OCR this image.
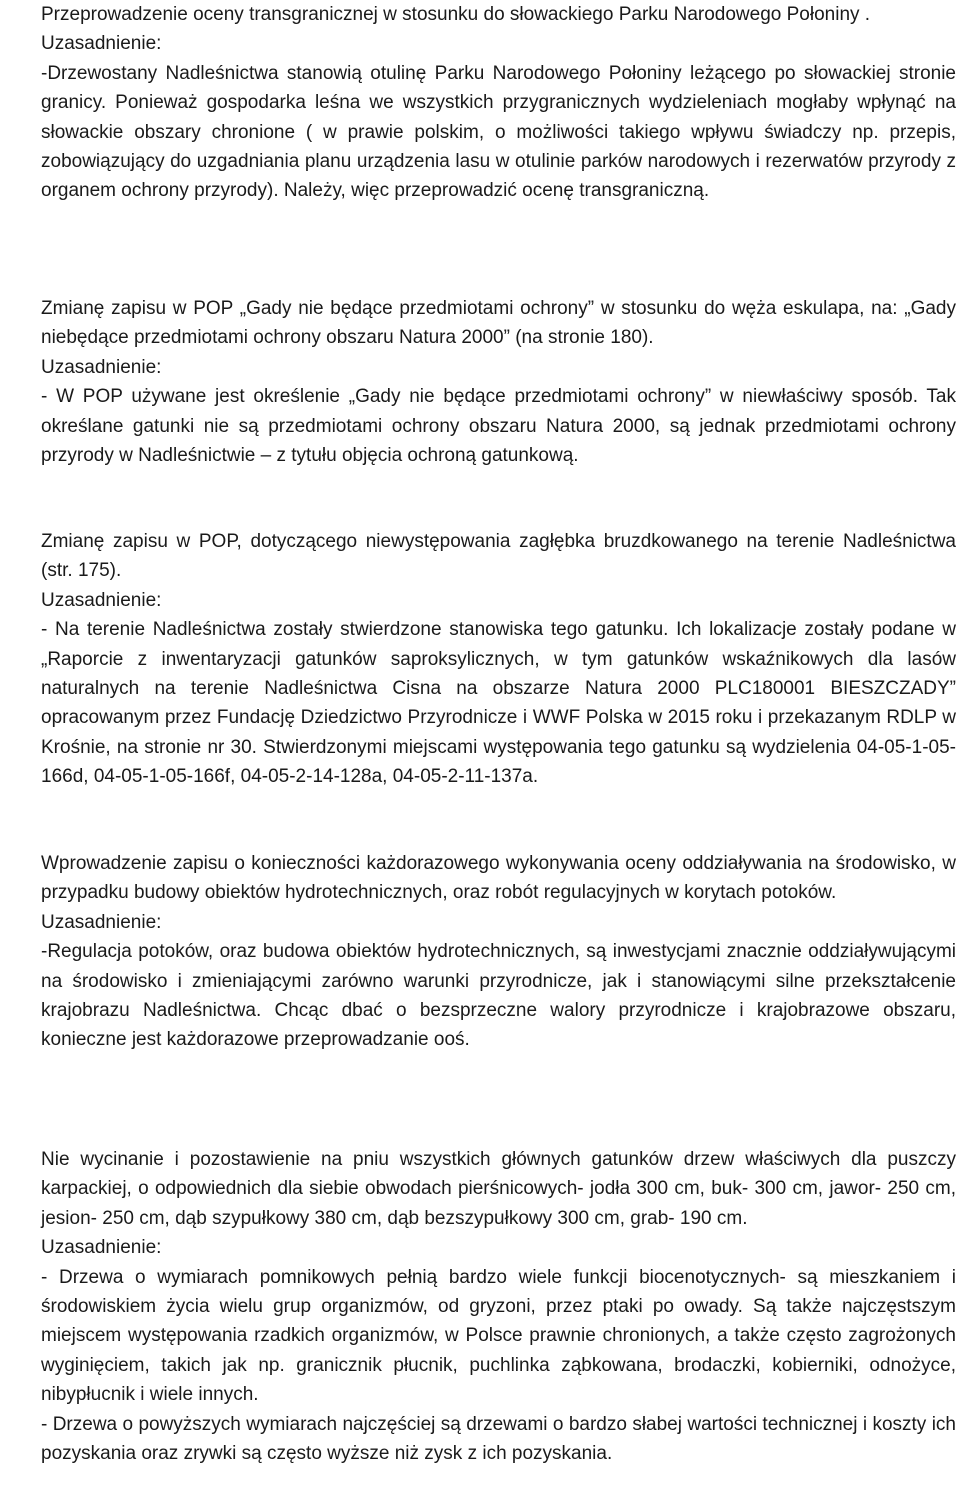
Przeprowadzenie oceny transgranicznej w stosunku do słowackiego Parku Narodowego Połoniny .

Uzasadnienie:

-Drzewostany Nadleśnictwa stanowią otulinę Parku Narodowego Połoniny leżącego po słowackiej stronie granicy. Ponieważ gospodarka leśna we wszystkich przygranicznych wydzieleniach mogłaby wpłynąć na słowackie obszary chronione ( w prawie polskim, o możliwości takiego wpływu świadczy np. przepis, zobowiązujący do uzgadniania planu urządzenia lasu w otulinie parków narodowych i rezerwatów przyrody z organem ochrony przyrody). Należy, więc przeprowadzić ocenę transgraniczną.

Zmianę zapisu w POP „Gady nie będące przedmiotami ochrony” w stosunku do węża eskulapa, na: „Gady niebędące przedmiotami ochrony obszaru Natura 2000” (na stronie 180).

Uzasadnienie:

- W POP używane jest określenie „Gady nie będące przedmiotami ochrony” w niewłaściwy sposób. Tak określane gatunki nie są przedmiotami ochrony obszaru Natura 2000, są jednak przedmiotami ochrony przyrody w Nadleśnictwie – z tytułu objęcia ochroną gatunkową.

Zmianę zapisu w POP, dotyczącego niewystępowania zagłębka bruzdkowanego na terenie Nadleśnictwa (str. 175).

Uzasadnienie:

- Na terenie Nadleśnictwa zostały stwierdzone stanowiska tego gatunku. Ich lokalizacje zostały podane w „Raporcie z inwentaryzacji gatunków saproksylicznych, w tym gatunków wskaźnikowych dla lasów naturalnych na terenie Nadleśnictwa Cisna na obszarze Natura 2000 PLC180001 BIESZCZADY” opracowanym przez Fundację Dziedzictwo Przyrodnicze i WWF Polska w 2015 roku i przekazanym RDLP w Krośnie, na stronie nr 30. Stwierdzonymi miejscami występowania tego gatunku są wydzielenia 04-05-1-05-166d, 04-05-1-05-166f, 04-05-2-14-128a, 04-05-2-11-137a.

Wprowadzenie zapisu o konieczności każdorazowego wykonywania oceny oddziaływania na środowisko, w przypadku budowy obiektów hydrotechnicznych, oraz robót regulacyjnych w korytach potoków.

Uzasadnienie:

-Regulacja potoków, oraz budowa obiektów hydrotechnicznych, są inwestycjami znacznie oddziaływującymi na środowisko i zmieniającymi zarówno warunki przyrodnicze, jak i stanowiącymi silne przekształcenie krajobrazu Nadleśnictwa. Chcąc dbać o bezsprzeczne walory przyrodnicze i krajobrazowe obszaru, konieczne jest każdorazowe przeprowadzanie ooś.

Nie wycinanie i pozostawienie na pniu wszystkich głównych gatunków drzew właściwych dla puszczy karpackiej, o odpowiednich dla siebie obwodach pierśnicowych- jodła 300 cm, buk- 300 cm, jawor- 250 cm, jesion- 250 cm, dąb szypułkowy 380 cm, dąb bezszypułkowy 300 cm, grab- 190 cm.

Uzasadnienie:

- Drzewa o wymiarach pomnikowych pełnią bardzo wiele funkcji biocenotycznych- są mieszkaniem i środowiskiem życia wielu grup organizmów, od gryzoni, przez ptaki po owady. Są także najczęstszym miejscem występowania rzadkich organizmów, w Polsce prawnie chronionych, a także często zagrożonych wyginięciem, takich jak np. granicznik płucnik, puchlinka ząbkowana, brodaczki, kobierniki, odnożyce, nibypłucnik i wiele innych.

- Drzewa o powyższych wymiarach najczęściej są drzewami o bardzo słabej wartości technicznej i koszty ich pozyskania oraz zrywki są często wyższe niż zysk z ich pozyskania.
